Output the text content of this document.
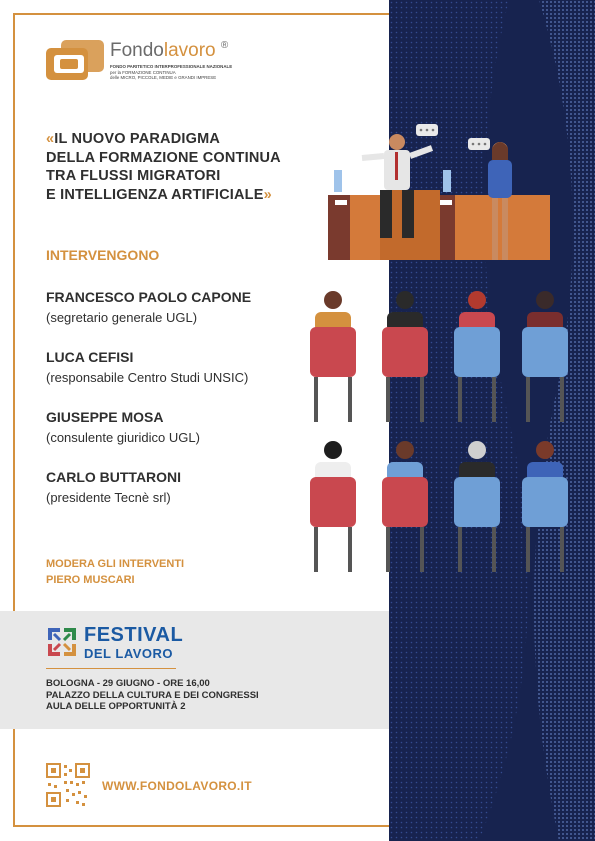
Fondolavoro ®
FONDO PARITETICO INTERPROFESSIONALE NAZIONALE
per la FORMAZIONE CONTINUA
delle MICRO, PICCOLE, MEDIE e GRANDI IMPRESE
«IL NUOVO PARADIGMA
DELLA FORMAZIONE CONTINUA
TRA FLUSSI MIGRATORI
E INTELLIGENZA ARTIFICIALE»
INTERVENGONO
FRANCESCO PAOLO CAPONE
(segretario generale UGL)
LUCA CEFISI
(responsabile Centro Studi UNSIC)
GIUSEPPE MOSA
(consulente giuridico UGL)
CARLO BUTTARONI
(presidente Tecnè srl)
MODERA GLI INTERVENTI
PIERO MUSCARI
FESTIVAL
DEL LAVORO
BOLOGNA - 29 GIUGNO - ORE 16,00
PALAZZO DELLA CULTURA E DEI CONGRESSI
AULA DELLE OPPORTUNITÀ 2
WWW.FONDOLAVORO.IT
